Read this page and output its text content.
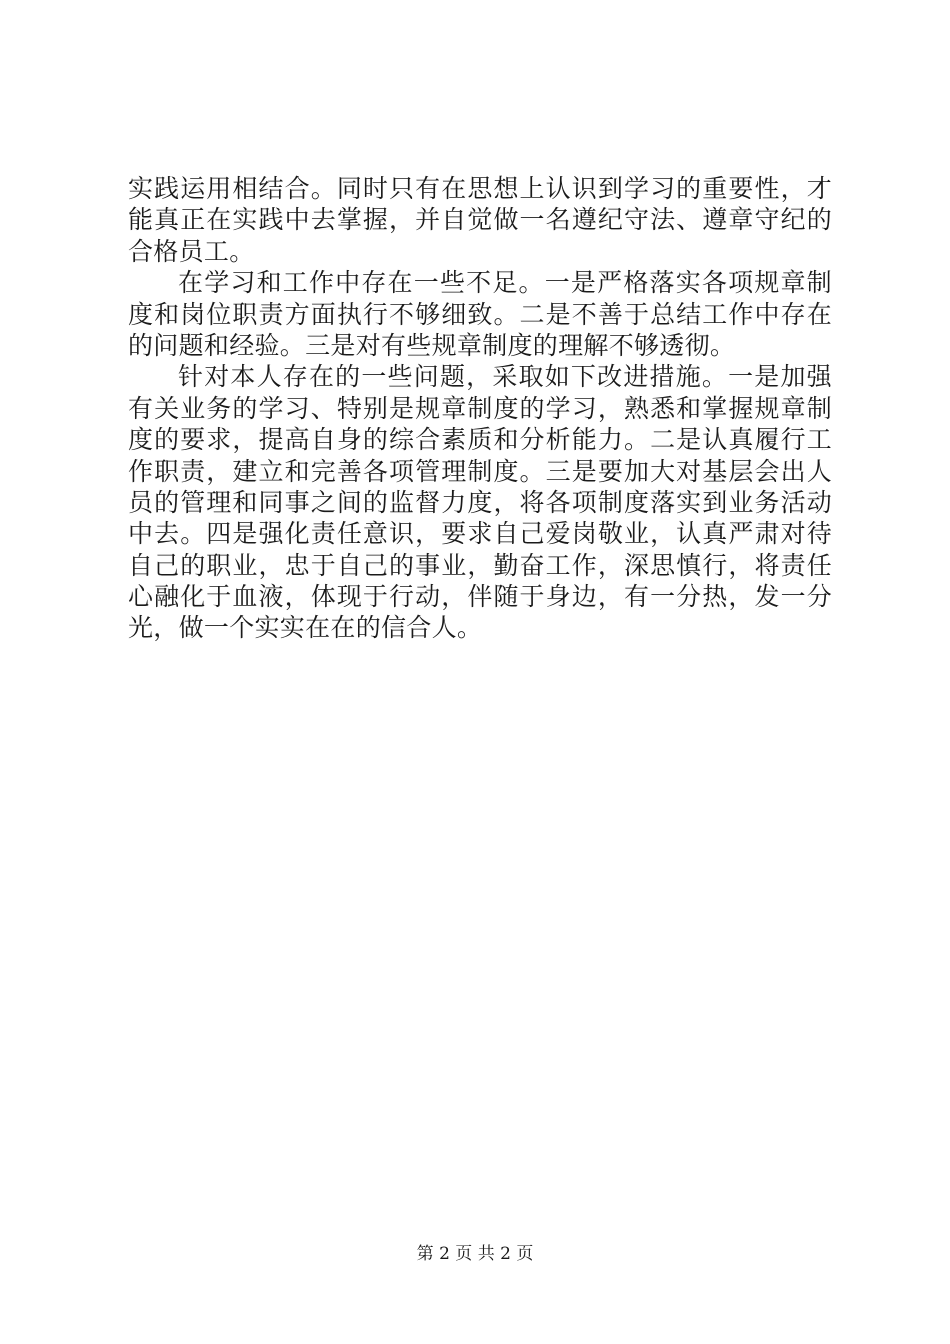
实践运用相结合。同时只有在思想上认识到学习的重要性，才
能真正在实践中去掌握，并自觉做一名遵纪守法、遵章守纪的
合格员工。
在学习和工作中存在一些不足。一是严格落实各项规章制
度和岗位职责方面执行不够细致。二是不善于总结工作中存在
的问题和经验。三是对有些规章制度的理解不够透彻。
针对本人存在的一些问题，采取如下改进措施。一是加强
有关业务的学习、特别是规章制度的学习，熟悉和掌握规章制
度的要求，提高自身的综合素质和分析能力。二是认真履行工
作职责，建立和完善各项管理制度。三是要加大对基层会出人
员的管理和同事之间的监督力度，将各项制度落实到业务活动
中去。四是强化责任意识，要求自己爱岗敬业，认真严肃对待
自己的职业，忠于自己的事业，勤奋工作，深思慎行，将责任
心融化于血液，体现于行动，伴随于身边，有一分热，发一分
光，做一个实实在在的信合人。
第 2 页 共 2 页
